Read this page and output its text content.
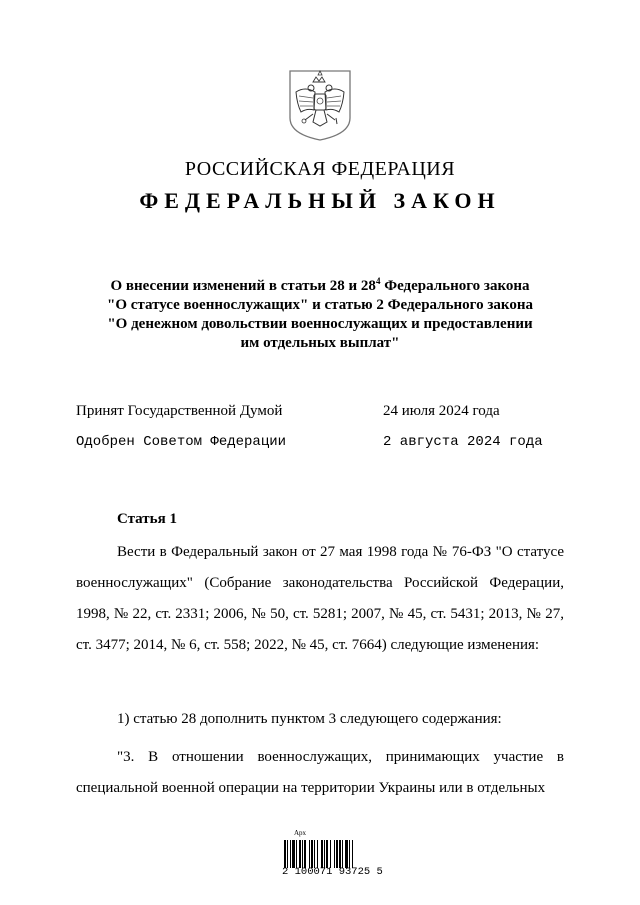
РОССИЙСКАЯ ФЕДЕРАЦИЯ
ФЕДЕРАЛЬНЫЙ ЗАКОН
О внесении изменений в статьи 28 и $28^4$ Федерального закона
"О статусе военнослужащих" и статью 2 Федерального закона
"О денежном довольствии военнослужащих и предоставлении
им отдельных выплат"
Принят Государственной Думой	24 июля 2024 года
Одобрен Советом Федерации	2 августа 2024 года
Статья 1
Вести в Федеральный закон от 27 мая 1998 года № 76-ФЗ "О статусе военнослужащих" (Собрание законодательства Российской Федерации, 1998, № 22, ст. 2331; 2006, № 50, ст. 5281; 2007, № 45, ст. 5431; 2013, № 27, ст. 3477; 2014, № 6, ст. 558; 2022, № 45, ст. 7664) следующие изменения:
1) статью 28 дополнить пунктом 3 следующего содержания:
"3. В отношении военнослужащих, принимающих участие в специальной военной операции на территории Украины или в отдельных
Арх
2 100071 93725 5
